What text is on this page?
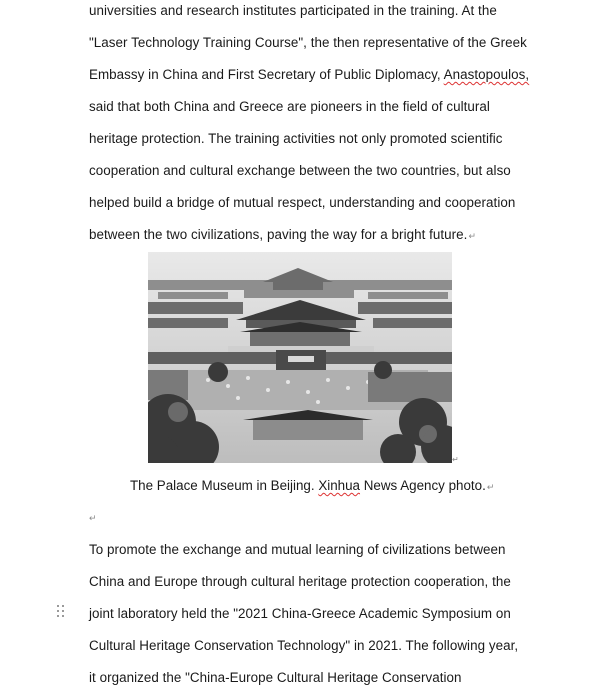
universities and research institutes participated in the training. At the
"Laser Technology Training Course", the then representative of the Greek
Embassy in China and First Secretary of Public Diplomacy, Anastopoulos,
said that both China and Greece are pioneers in the field of cultural
heritage protection. The training activities not only promoted scientific
cooperation and cultural exchange between the two countries, but also
helped build a bridge of mutual respect, understanding and cooperation
between the two civilizations, paving the way for a bright future.↵
↵
The Palace Museum in Beijing. Xinhua News Agency photo.↵
↵
To promote the exchange and mutual learning of civilizations between
China and Europe through cultural heritage protection cooperation, the
joint laboratory held the "2021 China-Greece Academic Symposium on
Cultural Heritage Conservation Technology" in 2021. The following year,
it organized the "China-Europe Cultural Heritage Conservation
